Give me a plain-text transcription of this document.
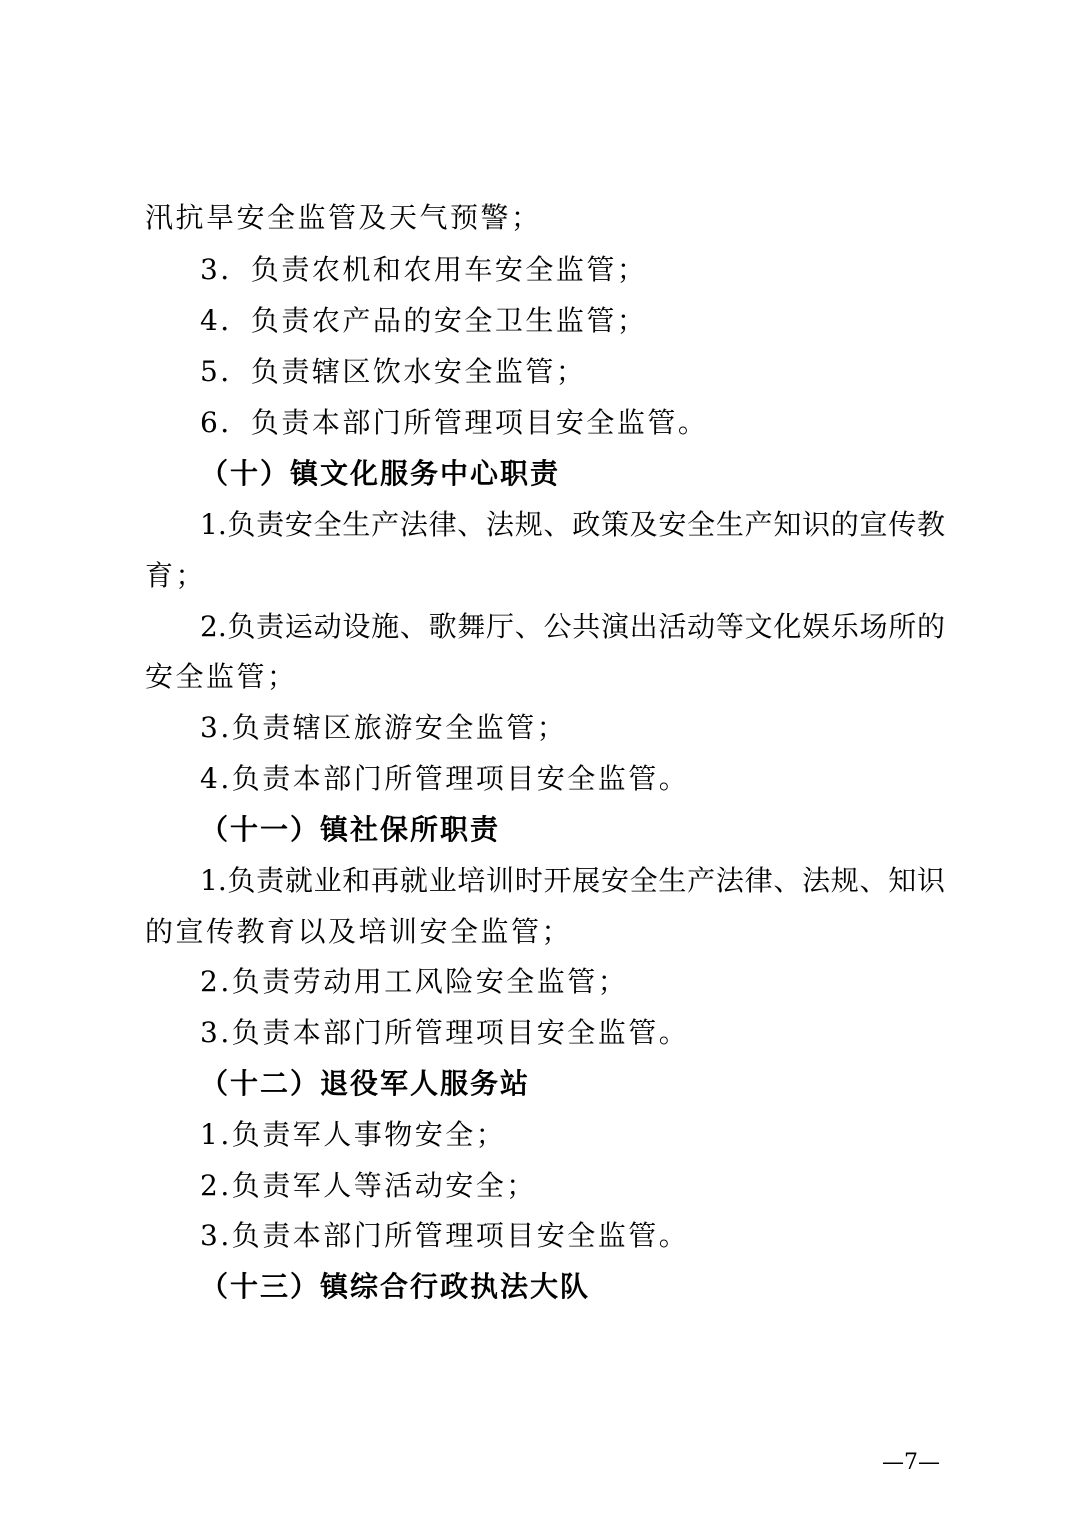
汛抗旱安全监管及天气预警；
3．负责农机和农用车安全监管；
4．负责农产品的安全卫生监管；
5．负责辖区饮水安全监管；
6．负责本部门所管理项目安全监管。
（十）镇文化服务中心职责
1.负责安全生产法律、法规、政策及安全生产知识的宣传教
育；
2.负责运动设施、歌舞厅、公共演出活动等文化娱乐场所的
安全监管；
3.负责辖区旅游安全监管；
4.负责本部门所管理项目安全监管。
（十一）镇社保所职责
1.负责就业和再就业培训时开展安全生产法律、法规、知识
的宣传教育以及培训安全监管；
2.负责劳动用工风险安全监管；
3.负责本部门所管理项目安全监管。
（十二）退役军人服务站
1.负责军人事物安全；
2.负责军人等活动安全；
3.负责本部门所管理项目安全监管。
（十三）镇综合行政执法大队
—7—
